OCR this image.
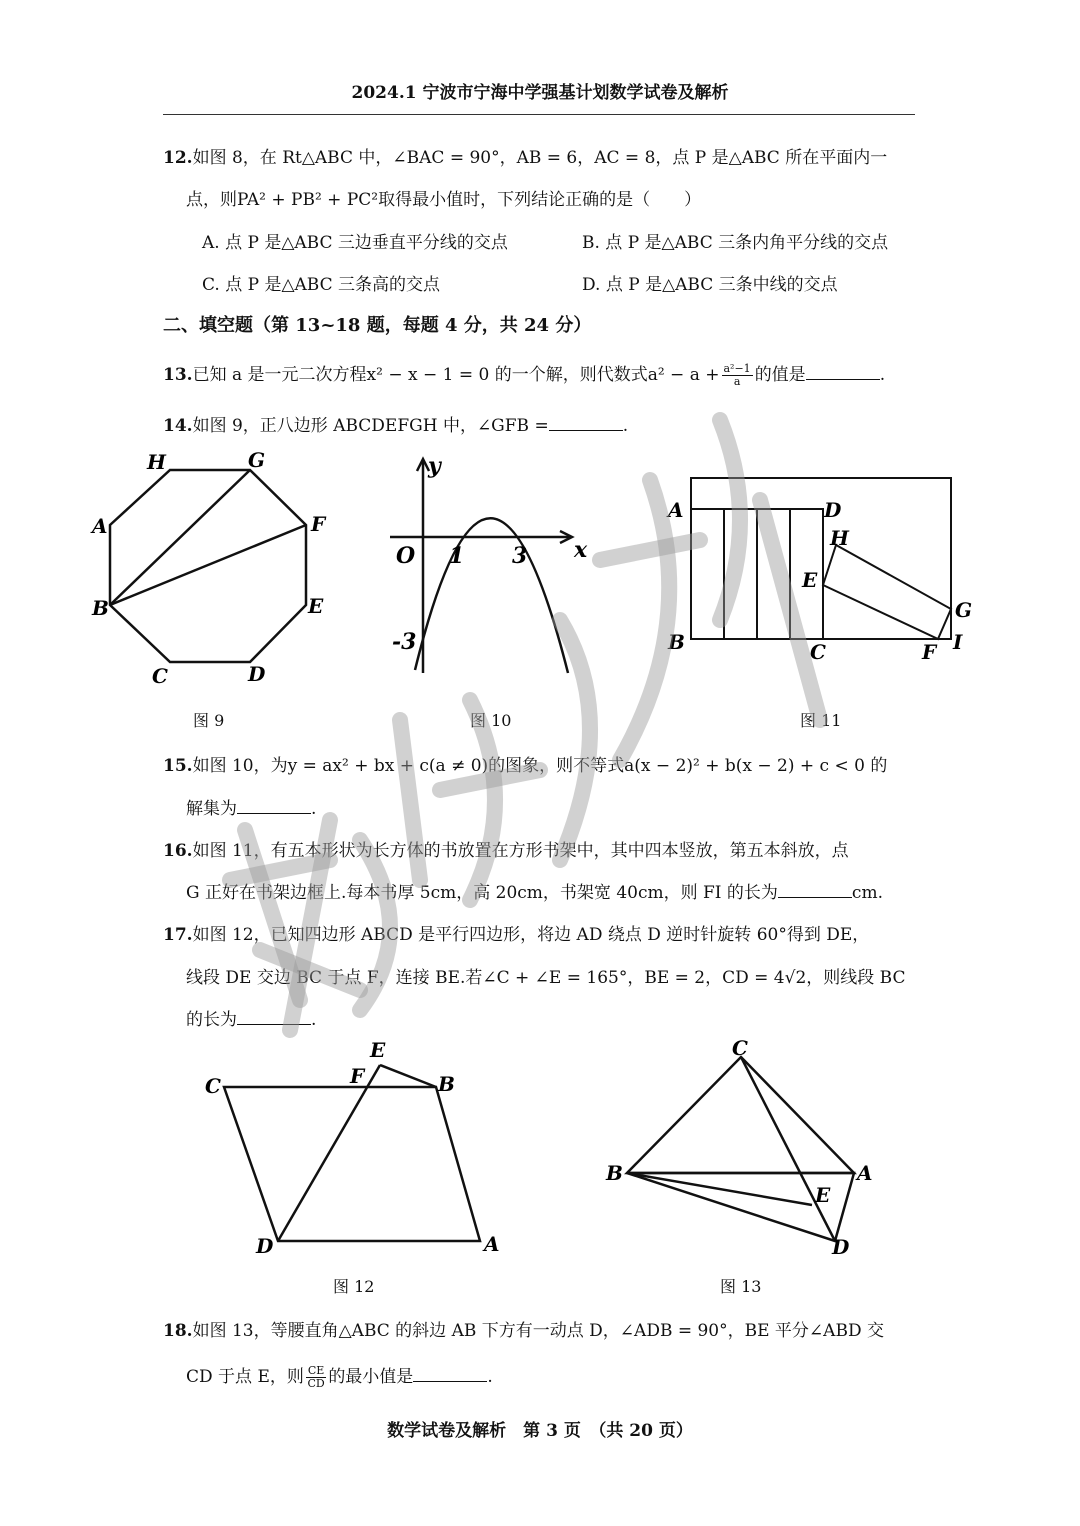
2024.1 宁波市宁海中学强基计划数学试卷及解析
12.如图 8，在 Rt△ABC 中，∠BAC = 90°，AB = 6，AC = 8，点 P 是△ABC 所在平面内一
点，则PA² + PB² + PC²取得最小值时，下列结论正确的是（　　）
A. 点 P 是△ABC 三边垂直平分线的交点	B. 点 P 是△ABC 三条内角平分线的交点
C. 点 P 是△ABC 三条高的交点	D. 点 P 是△ABC 三条中线的交点
二、填空题（第 13~18 题，每题 4 分，共 24 分）
13.已知 a 是一元二次方程x² − x − 1 = 0 的一个解，则代数式$a^2 - a + \frac{\text{a²−1}}{a}$ 的值是	.
14.如图 9，正八边形 ABCDEFGH 中，∠GFB =	.
H	G
A	F
B	E
C	D
y
O 1 3 x
-3
A	D
H
E
G
B	C	F I
图 9	图 10	图 11
15.如图 10，为y = ax² + bx + c(a ≠ 0)的图象，则不等式a(x − 2)² + b(x − 2) + c < 0 的
解集为	.
16.如图 11，有五本形状为长方体的书放置在方形书架中，其中四本竖放，第五本斜放，点
G 正好在书架边框上.每本书厚 5cm，高 20cm，书架宽 40cm，则 FI 的长为	cm.
17.如图 12，已知四边形 ABCD 是平行四边形，将边 AD 绕点 D 逆时针旋转 60°得到 DE，
线段 DE 交边 BC 于点 F，连接 BE.若∠C + ∠E = 165°，BE = 2，CD = 4√2，则线段 BC
的长为	.
E
C	F	B
D	A
C
B	A
E
D
图 12	图 13
18.如图 13，等腰直角△ABC 的斜边 AB 下方有一动点 D，∠ADB = 90°，BE 平分∠ABD 交
CD 于点 E，则 $\frac{CE}{CD}$ 的最小值是	.
数学试卷及解析　第 3 页　（共 20 页）
